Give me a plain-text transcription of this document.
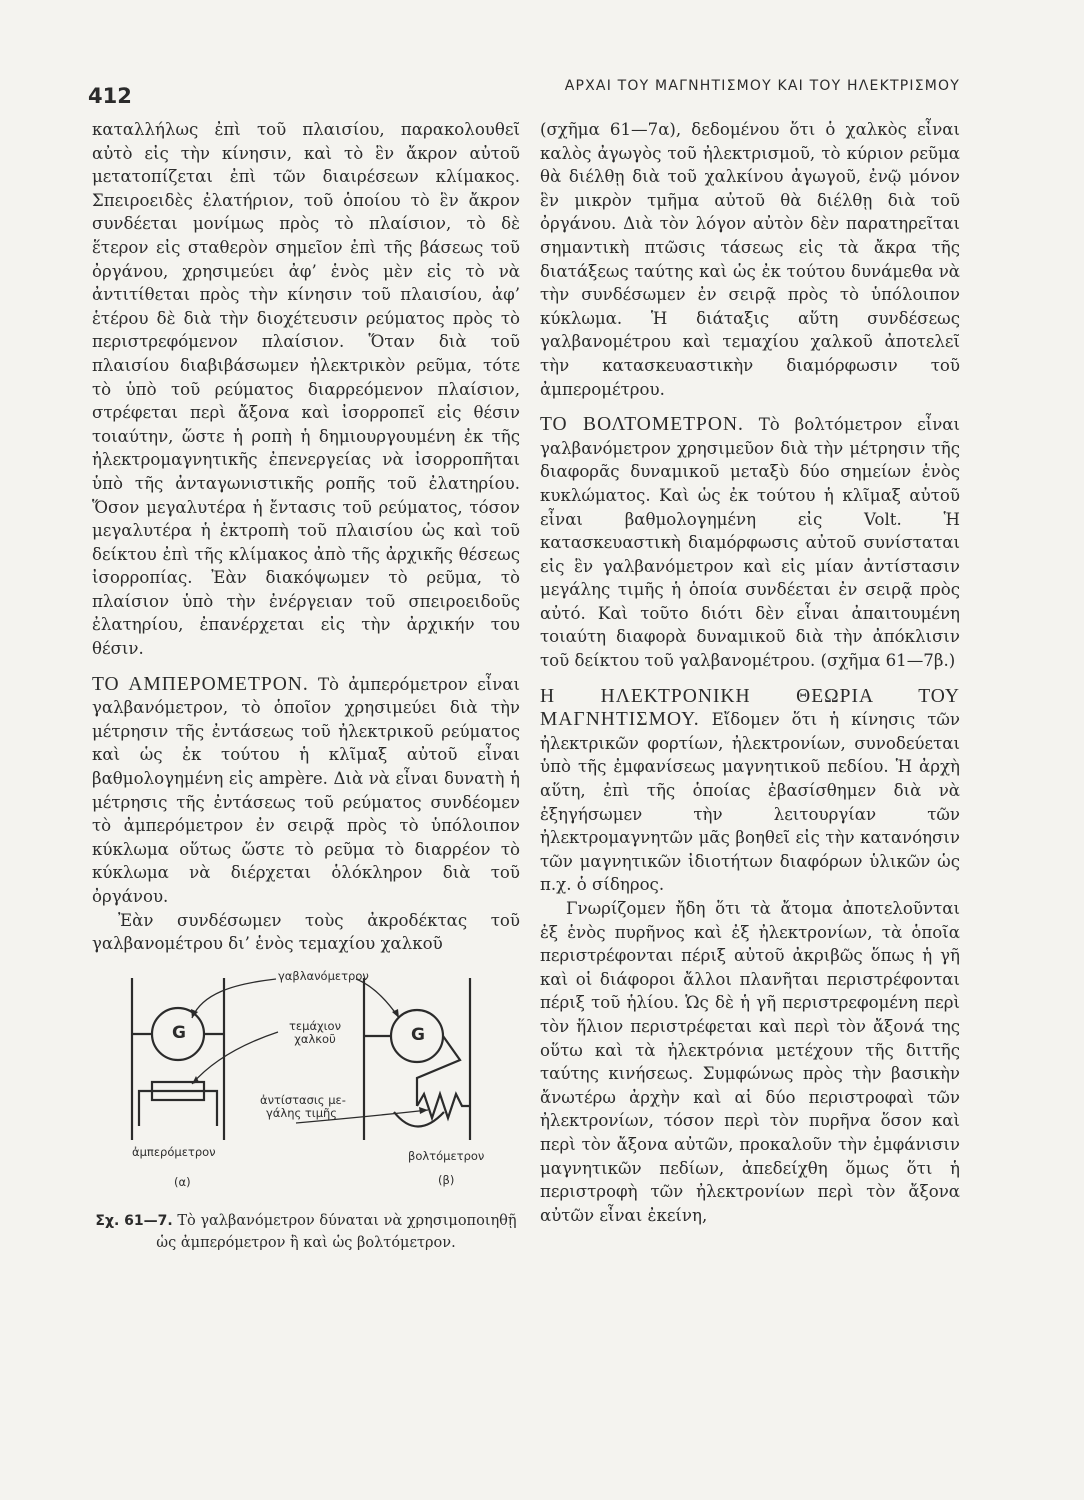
412	ΑΡΧΑΙ ΤΟΥ ΜΑΓΝΗΤΙΣΜΟΥ ΚΑΙ ΤΟΥ ΗΛΕΚΤΡΙΣΜΟΥ

καταλλήλως ἐπὶ τοῦ πλαισίου, παρακολουθεῖ αὐτὸ εἰς τὴν κίνησιν, καὶ τὸ ἓν ἄκρον αὐτοῦ μετατοπίζεται ἐπὶ τῶν διαιρέσεων κλίμακος. Σπειροειδὲς ἐλατήριον, τοῦ ὁποίου τὸ ἓν ἄκρον συνδέεται μονίμως πρὸς τὸ πλαίσιον, τὸ δὲ ἕτερον εἰς σταθερὸν σημεῖον ἐπὶ τῆς βάσεως τοῦ ὀργάνου, χρησιμεύει ἀφ’ ἑνὸς μὲν εἰς τὸ νὰ ἀντιτίθεται πρὸς τὴν κίνησιν τοῦ πλαισίου, ἀφ’ ἑτέρου δὲ διὰ τὴν διοχέτευσιν ρεύματος πρὸς τὸ περιστρεφόμενον πλαίσιον. Ὅταν διὰ τοῦ πλαισίου διαβιβάσωμεν ἠλεκτρικὸν ρεῦμα, τότε τὸ ὑπὸ τοῦ ρεύματος διαρρεόμενον πλαίσιον, στρέφεται περὶ ἄξονα καὶ ἰσορροπεῖ εἰς θέσιν τοιαύτην, ὥστε ἡ ροπὴ ἡ δημιουργουμένη ἐκ τῆς ἠλεκτρομαγνητικῆς ἐπενεργείας νὰ ἰσορροπῆται ὑπὸ τῆς ἀνταγωνιστικῆς ροπῆς τοῦ ἐλατηρίου. Ὅσον μεγαλυτέρα ἡ ἔντασις τοῦ ρεύματος, τόσον μεγαλυτέρα ἡ ἐκτροπὴ τοῦ πλαισίου ὡς καὶ τοῦ δείκτου ἐπὶ τῆς κλίμακος ἀπὸ τῆς ἀρχικῆς θέσεως ἰσορροπίας. Ἐὰν διακόψωμεν τὸ ρεῦμα, τὸ πλαίσιον ὑπὸ τὴν ἐνέργειαν τοῦ σπειροειδοῦς ἐλατηρίου, ἐπανέρχεται εἰς τὴν ἀρχικήν του θέσιν.

ΤΟ ΑΜΠΕΡΟΜΕΤΡΟΝ. Τὸ ἀμπερόμετρον εἶναι γαλβανόμετρον, τὸ ὁποῖον χρησιμεύει διὰ τὴν μέτρησιν τῆς ἐντάσεως τοῦ ἠλεκτρικοῦ ρεύματος καὶ ὡς ἐκ τούτου ἡ κλῖμαξ αὐτοῦ εἶναι βαθμολογημένη εἰς ampère. Διὰ νὰ εἶναι δυνατὴ ἡ μέτρησις τῆς ἐντάσεως τοῦ ρεύματος συνδέομεν τὸ ἀμπερόμετρον ἐν σειρᾷ πρὸς τὸ ὑπόλοιπον κύκλωμα οὕτως ὥστε τὸ ρεῦμα τὸ διαρρέον τὸ κύκλωμα νὰ διέρχεται ὁλόκληρον διὰ τοῦ ὀργάνου.

Ἐὰν συνδέσωμεν τοὺς ἀκροδέκτας τοῦ γαλβανομέτρου δι’ ἑνὸς τεμαχίου χαλκοῦ

G	G
γαβλανόμετρον
τεμάχιον
χαλκοῦ
ἀντίστασις με-
γάλης τιμῆς
ἀμπερόμετρον	βολτόμετρον
(α)	(β)
Σχ. 61—7. Τὸ γαλβανόμετρον δύναται νὰ χρησιμοποιηθῇ ὡς ἀμπερόμετρον ἢ καὶ ὡς βολτόμετρον.

(σχῆμα 61—7α), δεδομένου ὅτι ὁ χαλκὸς εἶναι καλὸς ἀγωγὸς τοῦ ἠλεκτρισμοῦ, τὸ κύριον ρεῦμα θὰ διέλθῃ διὰ τοῦ χαλκίνου ἀγωγοῦ, ἐνῷ μόνον ἓν μικρὸν τμῆμα αὐτοῦ θὰ διέλθῃ διὰ τοῦ ὀργάνου. Διὰ τὸν λόγον αὐτὸν δὲν παρατηρεῖται σημαντικὴ πτῶσις τάσεως εἰς τὰ ἄκρα τῆς διατάξεως ταύτης καὶ ὡς ἐκ τούτου δυνάμεθα νὰ τὴν συνδέσωμεν ἐν σειρᾷ πρὸς τὸ ὑπόλοιπον κύκλωμα. Ἡ διάταξις αὕτη συνδέσεως γαλβανομέτρου καὶ τεμαχίου χαλκοῦ ἀποτελεῖ τὴν κατασκευαστικὴν διαμόρφωσιν τοῦ ἀμπερομέτρου.

ΤΟ ΒΟΛΤΟΜΕΤΡΟΝ. Τὸ βολτόμετρον εἶναι γαλβανόμετρον χρησιμεῦον διὰ τὴν μέτρησιν τῆς διαφορᾶς δυναμικοῦ μεταξὺ δύο σημείων ἑνὸς κυκλώματος. Καὶ ὡς ἐκ τούτου ἡ κλῖμαξ αὐτοῦ εἶναι βαθμολογημένη εἰς Volt. Ἡ κατασκευαστικὴ διαμόρφωσις αὐτοῦ συνίσταται εἰς ἓν γαλβανόμετρον καὶ εἰς μίαν ἀντίστασιν μεγάλης τιμῆς ἡ ὁποία συνδέεται ἐν σειρᾷ πρὸς αὐτό. Καὶ τοῦτο διότι δὲν εἶναι ἀπαιτουμένη τοιαύτη διαφορὰ δυναμικοῦ διὰ τὴν ἀπόκλισιν τοῦ δείκτου τοῦ γαλβανομέτρου. (σχῆμα 61—7β.)

Η ΗΛΕΚΤΡΟΝΙΚΗ ΘΕΩΡΙΑ ΤΟΥ ΜΑΓΝΗΤΙΣΜΟΥ. Εἴδομεν ὅτι ἡ κίνησις τῶν ἠλεκτρικῶν φορτίων, ἠλεκτρονίων, συνοδεύεται ὑπὸ τῆς ἐμφανίσεως μαγνητικοῦ πεδίου. Ἡ ἀρχὴ αὕτη, ἐπὶ τῆς ὁποίας ἐβασίσθημεν διὰ νὰ ἐξηγήσωμεν τὴν λειτουργίαν τῶν ἠλεκτρομαγνητῶν μᾶς βοηθεῖ εἰς τὴν κατανόησιν τῶν μαγνητικῶν ἰδιοτήτων διαφόρων ὑλικῶν ὡς π.χ. ὁ σίδηρος.

Γνωρίζομεν ἤδη ὅτι τὰ ἄτομα ἀποτελοῦνται ἐξ ἑνὸς πυρῆνος καὶ ἐξ ἠλεκτρονίων, τὰ ὁποῖα περιστρέφονται πέριξ αὐτοῦ ἀκριβῶς ὅπως ἡ γῆ καὶ οἱ διάφοροι ἄλλοι πλανῆται περιστρέφονται πέριξ τοῦ ἡλίου. Ὡς δὲ ἡ γῆ περιστρεφομένη περὶ τὸν ἥλιον περιστρέφεται καὶ περὶ τὸν ἄξονά της οὕτω καὶ τὰ ἠλεκτρόνια μετέχουν τῆς διττῆς ταύτης κινήσεως. Συμφώνως πρὸς τὴν βασικὴν ἄνωτέρω ἀρχὴν καὶ αἱ δύο περιστροφαὶ τῶν ἠλεκτρονίων, τόσον περὶ τὸν πυρῆνα ὅσον καὶ περὶ τὸν ἄξονα αὐτῶν, προκαλοῦν τὴν ἐμφάνισιν μαγνητικῶν πεδίων, ἀπεδείχθη ὅμως ὅτι ἡ περιστροφὴ τῶν ἠλεκτρονίων περὶ τὸν ἄξονα αὐτῶν εἶναι ἐκείνη,
